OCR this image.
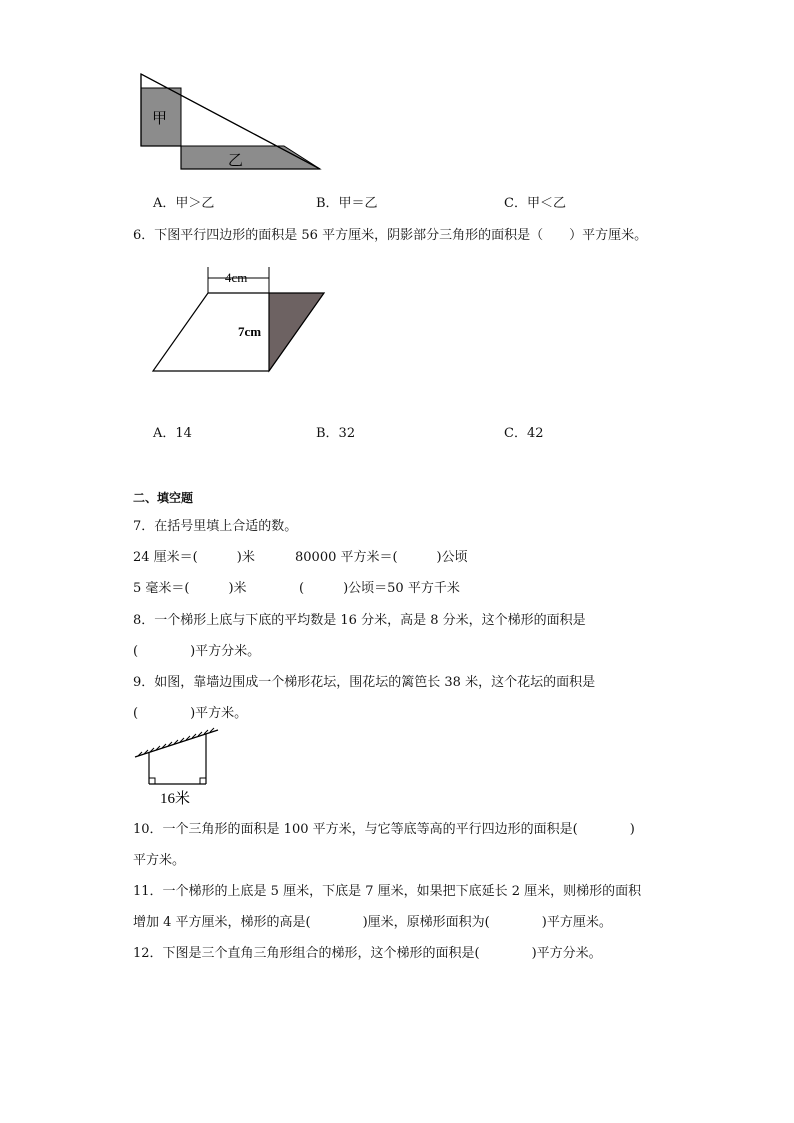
甲
乙
A．甲＞乙	B．甲＝乙	C．甲＜乙
6．下图平行四边形的面积是 56 平方厘米，阴影部分三角形的面积是（　　）平方厘米。
4cm
7cm
A．14	B．32	C．42
二、填空题
7．在括号里填上合适的数。
24 厘米＝(　　　)米	80000 平方米＝(　　　)公顷
5 毫米＝(　　　)米	(　　　)公顷＝50 平方千米
8．一个梯形上底与下底的平均数是 16 分米，高是 8 分米，这个梯形的面积是
(　　　　)平方分米。
9．如图，靠墙边围成一个梯形花坛，围花坛的篱笆长 38 米，这个花坛的面积是
(　　　　)平方米。
16米
10．一个三角形的面积是 100 平方米，与它等底等高的平行四边形的面积是(　　　　)
平方米。
11．一个梯形的上底是 5 厘米，下底是 7 厘米，如果把下底延长 2 厘米，则梯形的面积
增加 4 平方厘米，梯形的高是(　　　　)厘米，原梯形面积为(　　　　)平方厘米。
12．下图是三个直角三角形组合的梯形，这个梯形的面积是(　　　　)平方分米。
